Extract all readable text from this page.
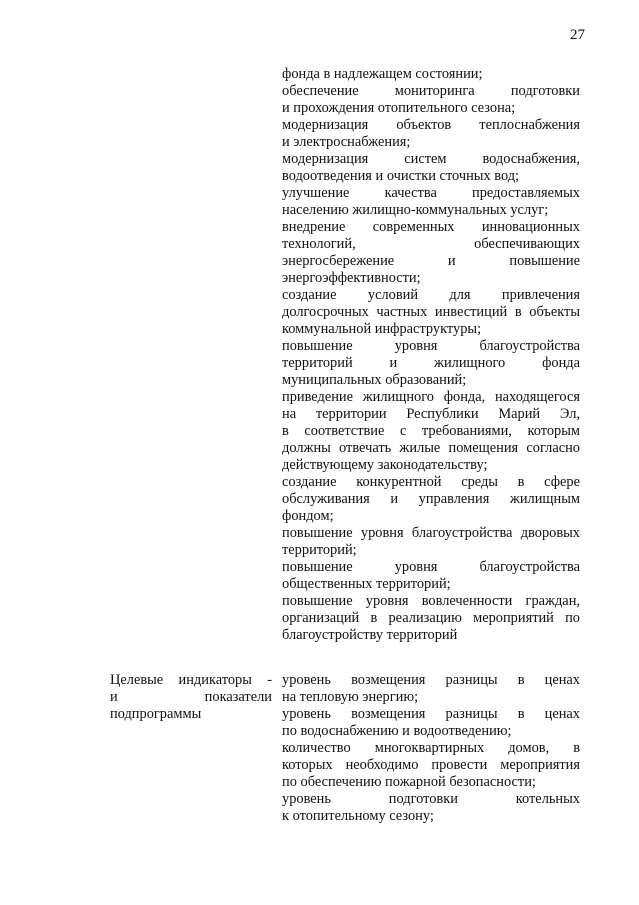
27
фонда в надлежащем состоянии;
обеспечение мониторинга подготовки
и прохождения отопительного сезона;
модернизация объектов теплоснабжения
и электроснабжения;
модернизация систем водоснабжения,
водоотведения и очистки сточных вод;
улучшение качества предоставляемых
населению жилищно-коммунальных услуг;
внедрение современных инновационных
технологий, обеспечивающих
энергосбережение и повышение
энергоэффективности;
создание условий для привлечения
долгосрочных частных инвестиций в объекты
коммунальной инфраструктуры;
повышение уровня благоустройства
территорий и жилищного фонда
муниципальных образований;
приведение жилищного фонда, находящегося
на территории Республики Марий Эл,
в соответствие с требованиями, которым
должны отвечать жилые помещения согласно
действующему законодательству;
создание конкурентной среды в сфере
обслуживания и управления жилищным
фондом;
повышение уровня благоустройства дворовых
территорий;
повышение уровня благоустройства
общественных территорий;
повышение уровня вовлеченности граждан,
организаций в реализацию мероприятий по
благоустройству территорий
Целевые индикаторы -
и показатели
подпрограммы
уровень возмещения разницы в ценах
на тепловую энергию;
уровень возмещения разницы в ценах
по водоснабжению и водоотведению;
количество многоквартирных домов, в
которых необходимо провести мероприятия
по обеспечению пожарной безопасности;
уровень подготовки котельных
к отопительному сезону;
